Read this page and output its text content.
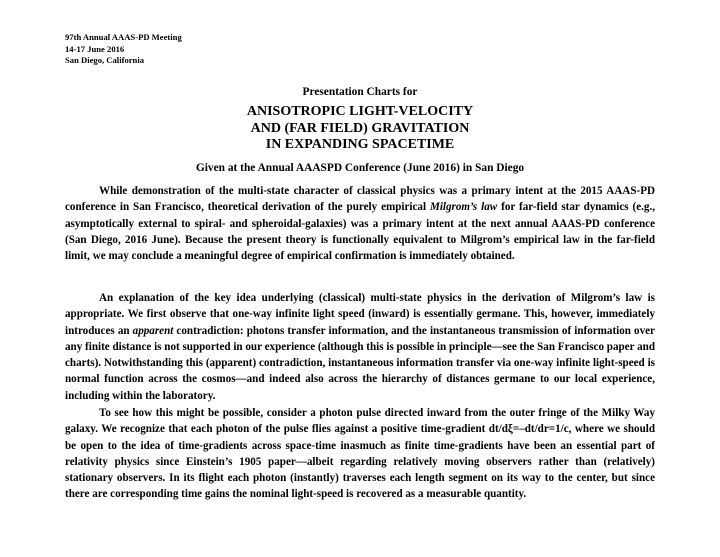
97th Annual AAAS-PD Meeting
14-17 June 2016
San Diego, California
Presentation Charts for
ANISOTROPIC LIGHT-VELOCITY
AND (FAR FIELD) GRAVITATION
IN EXPANDING SPACETIME
Given at the Annual AAASPD Conference (June 2016) in San Diego

While demonstration of the multi-state character of classical physics was a primary intent at the 2015 AAAS-PD conference in San Francisco, theoretical derivation of the purely empirical Milgrom’s law for far-field star dynamics (e.g., asymptotically external to spiral- and spheroidal-galaxies) was a primary intent at the next annual AAAS-PD conference (San Diego, 2016 June). Because the present theory is functionally equivalent to Milgrom’s empirical law in the far-field limit, we may conclude a meaningful degree of empirical confirmation is immediately obtained.

An explanation of the key idea underlying (classical) multi-state physics in the derivation of Milgrom’s law is appropriate. We first observe that one-way infinite light speed (inward) is essentially germane. This, however, immediately introduces an apparent contradiction: photons transfer information, and the instantaneous transmission of information over any finite distance is not supported in our experience (although this is possible in principle—see the San Francisco paper and charts). Notwithstanding this (apparent) contradiction, instantaneous information transfer via one-way infinite light-speed is normal function across the cosmos—and indeed also across the hierarchy of distances germane to our local experience, including within the laboratory.

To see how this might be possible, consider a photon pulse directed inward from the outer fringe of the Milky Way galaxy. We recognize that each photon of the pulse flies against a positive time-gradient dt/dξ=–dt/dr=1/c, where we should be open to the idea of time-gradients across space-time inasmuch as finite time-gradients have been an essential part of relativity physics since Einstein’s 1905 paper—albeit regarding relatively moving observers rather than (relatively) stationary observers. In its flight each photon (instantly) traverses each length segment on its way to the center, but since there are corresponding time gains the nominal light-speed is recovered as a measurable quantity.
